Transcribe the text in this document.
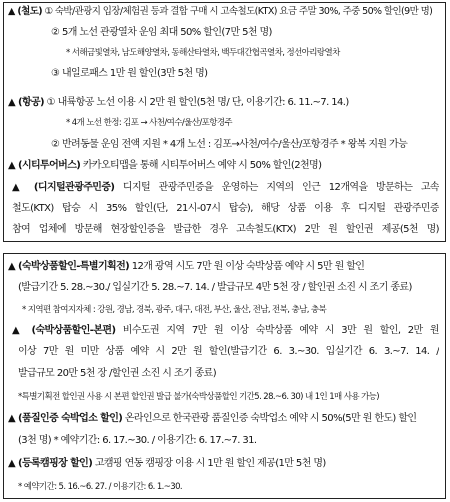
▲ (철도) ① 숙박/관광지 입장/체험권 등과 결합 구매 시 고속철도(KTX) 요금 주말 30%, 주중 50% 할인(9만 명)
② 5개 노선 관광열차 운임 최대 50% 할인(7만 5천 명)
* 서해금빛열차, 남도해양열차, 동해산타열차, 백두대간협곡열차, 정선아리랑열차
③ 내일로패스 1만 원 할인(3만 5천 명)
▲ (항공) ① 내륙항공 노선 이용 시 2만 원 할인(5천 명/ 단, 이용기간: 6. 11.~7. 14.)
* 4개 노선 한정: 김포 → 사천/여수/울산/포항경주
② 반려동물 운임 전액 지원 * 4개 노선 : 김포→사천/여수/울산/포항경주 * 왕복 지원 가능
▲ (시티투어버스) 카카오티맵을 통해 시티투어버스 예약 시 50% 할인(2천명)
▲ (디지털관광주민증) 디지털 관광주민증을 운영하는 지역의 인근 12개역을 방문하는 고속
철도(KTX) 탑승 시 35% 할인(단, 21시-07시 탑승), 해당 상품 이용 후 디지털 관광주민증
참여 업체에 방문해 현장할인증을 발급한 경우 고속철도(KTX) 2만 원 할인권 제공(5천 명)
▲ (숙박상품할인-특별기획전) 12개 광역 시도 7만 원 이상 숙박상품 예약 시 5만 원 할인
(발급기간 5. 28.~30./ 입실기간 5. 28.~7. 14. / 발급규모 4만 5천 장 / 할인권 소진 시 조기 종료)
* 지역편 참여지자체 : 강원, 경남, 경북, 광주, 대구, 대전, 부산, 울산, 전남, 전북, 충남, 충북
▲ (숙박상품할인-본편) 비수도권 지역 7만 원 이상 숙박상품 예약 시 3만 원 할인, 2만 원
이상 7만 원 미만 상품 예약 시 2만 원 할인(발급기간 6. 3.~30. 입실기간 6. 3.~7. 14. /
발급규모 20만 5천 장 /할인권 소진 시 조기 종료)
*특별기획전 할인권 사용 시 본편 할인권 발급 불가(숙박상품할인 기간5. 28.~6. 30) 내 1인 1매 사용 가능)
▲ (품질인증 숙박업소 할인) 온라인으로 한국관광 품질인증 숙박업소 예약 시 50%(5만 원 한도) 할인
(3천 명) * 예약기간: 6. 17.~30. / 이용기간: 6. 17.~7. 31.
▲ (등록캠핑장 할인) 고캠핑 연동 캠핑장 이용 시 1만 원 할인 제공(1만 5천 명)
* 예약기간: 5. 16.~6. 27. / 이용기간: 6. 1.~30.
